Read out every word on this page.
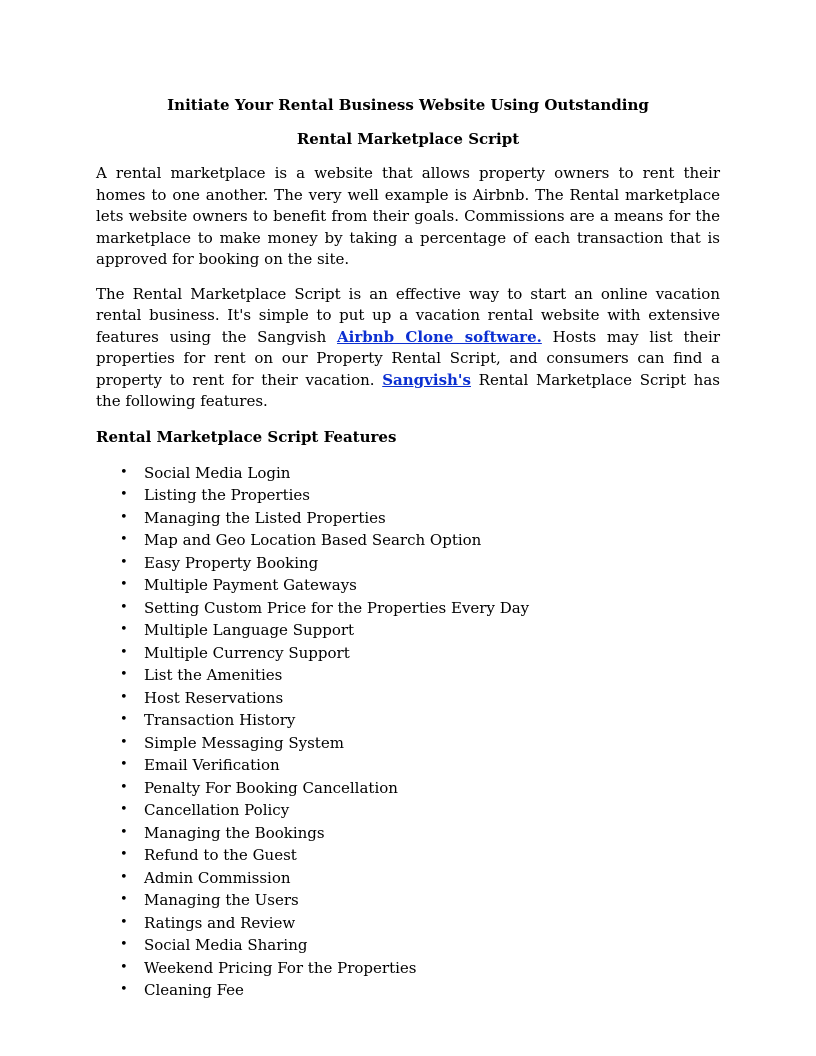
Initiate Your Rental Business Website Using Outstanding

Rental Marketplace Script

A rental marketplace is a website that allows property owners to rent their homes to one another. The very well example is Airbnb. The Rental marketplace lets website owners to benefit from their goals. Commissions are a means for the marketplace to make money by taking a percentage of each transaction that is approved for booking on the site.

The Rental Marketplace Script is an effective way to start an online vacation rental business. It's simple to put up a vacation rental website with extensive features using the Sangvish Airbnb Clone software. Hosts may list their properties for rent on our Property Rental Script, and consumers can find a property to rent for their vacation. Sangvish's Rental Marketplace Script has the following features.

Rental Marketplace Script Features

• Social Media Login
• Listing the Properties
• Managing the Listed Properties
• Map and Geo Location Based Search Option
• Easy Property Booking
• Multiple Payment Gateways
• Setting Custom Price for the Properties Every Day
• Multiple Language Support
• Multiple Currency Support
• List the Amenities
• Host Reservations
• Transaction History
• Simple Messaging System
• Email Verification
• Penalty For Booking Cancellation
• Cancellation Policy
• Managing the Bookings
• Refund to the Guest
• Admin Commission
• Managing the Users
• Ratings and Review
• Social Media Sharing
• Weekend Pricing For the Properties
• Cleaning Fee
